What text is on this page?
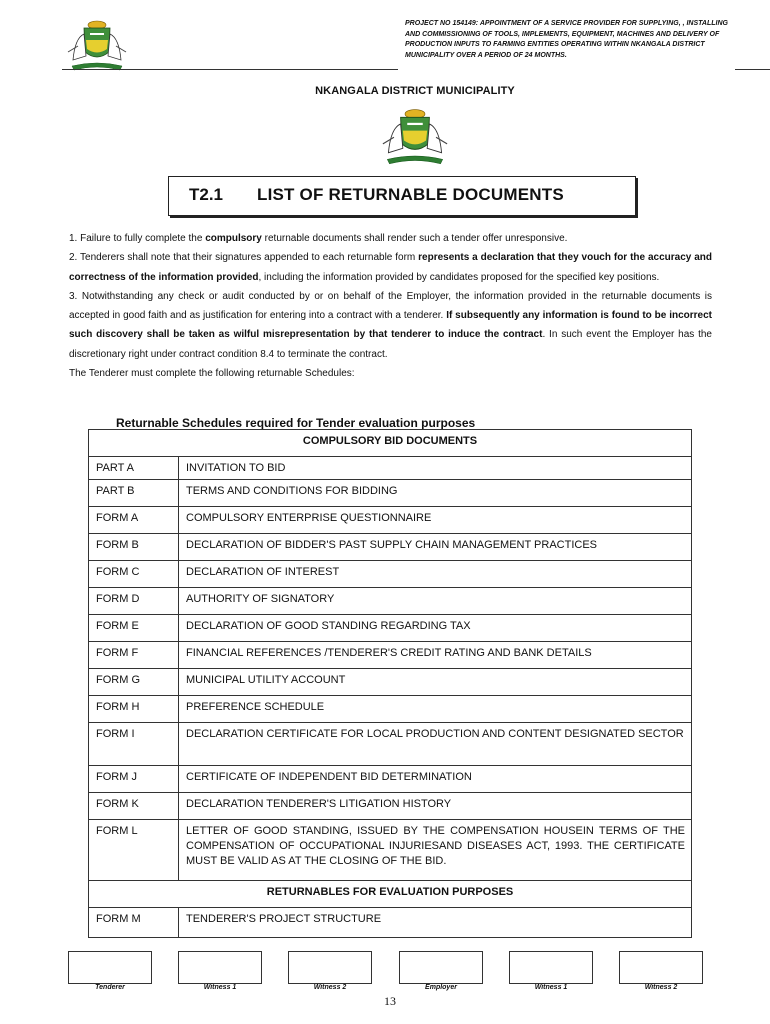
PROJECT NO 154149: APPOINTMENT OF A SERVICE PROVIDER FOR SUPPLYING, , INSTALLING AND COMMISSIONING OF TOOLS, IMPLEMENTS, EQUIPMENT, MACHINES AND DELIVERY OF PRODUCTION INPUTS TO FARMING ENTITIES OPERATING WITHIN NKANGALA DISTRICT MUNICIPALITY OVER A PERIOD OF 24 MONTHS.
NKANGALA DISTRICT MUNICIPALITY
T2.1 LIST OF RETURNABLE DOCUMENTS

1. Failure to fully complete the compulsory returnable documents shall render such a tender offer unresponsive.

2. Tenderers shall note that their signatures appended to each returnable form represents a declaration that they vouch for the accuracy and correctness of the information provided, including the information provided by candidates proposed for the specified key positions.

3. Notwithstanding any check or audit conducted by or on behalf of the Employer, the information provided in the returnable documents is accepted in good faith and as justification for entering into a contract with a tenderer. If subsequently any information is found to be incorrect such discovery shall be taken as wilful misrepresentation by that tenderer to induce the contract. In such event the Employer has the discretionary right under contract condition 8.4 to terminate the contract.

The Tenderer must complete the following returnable Schedules:

Returnable Schedules required for Tender evaluation purposes
COMPULSORY BID DOCUMENTS	
PART A	INVITATION TO BID
PART B	TERMS AND CONDITIONS FOR BIDDING
FORM A	COMPULSORY ENTERPRISE QUESTIONNAIRE
FORM B	DECLARATION OF BIDDER'S PAST SUPPLY CHAIN MANAGEMENT PRACTICES
FORM C	DECLARATION OF INTEREST
FORM D	AUTHORITY OF SIGNATORY
FORM E	DECLARATION OF GOOD STANDING REGARDING TAX
FORM F	FINANCIAL REFERENCES /TENDERER'S CREDIT RATING AND BANK DETAILS
FORM G	MUNICIPAL UTILITY ACCOUNT
FORM H	PREFERENCE SCHEDULE
FORM I	DECLARATION CERTIFICATE FOR LOCAL PRODUCTION AND CONTENT DESIGNATED SECTOR
FORM J	CERTIFICATE OF INDEPENDENT BID DETERMINATION
FORM K	DECLARATION TENDERER'S LITIGATION HISTORY
FORM L	LETTER OF GOOD STANDING, ISSUED BY THE COMPENSATION HOUSEIN TERMS OF THE COMPENSATION OF OCCUPATIONAL INJURIESAND DISEASES ACT, 1993. THE CERTIFICATE MUST BE VALID AS AT THE CLOSING OF THE BID.
RETURNABLES FOR EVALUATION PURPOSES	
FORM M	TENDERER'S PROJECT STRUCTURE
Tenderer	Witness 1	Witness 2	Employer	Witness 1	Witness 2
13
